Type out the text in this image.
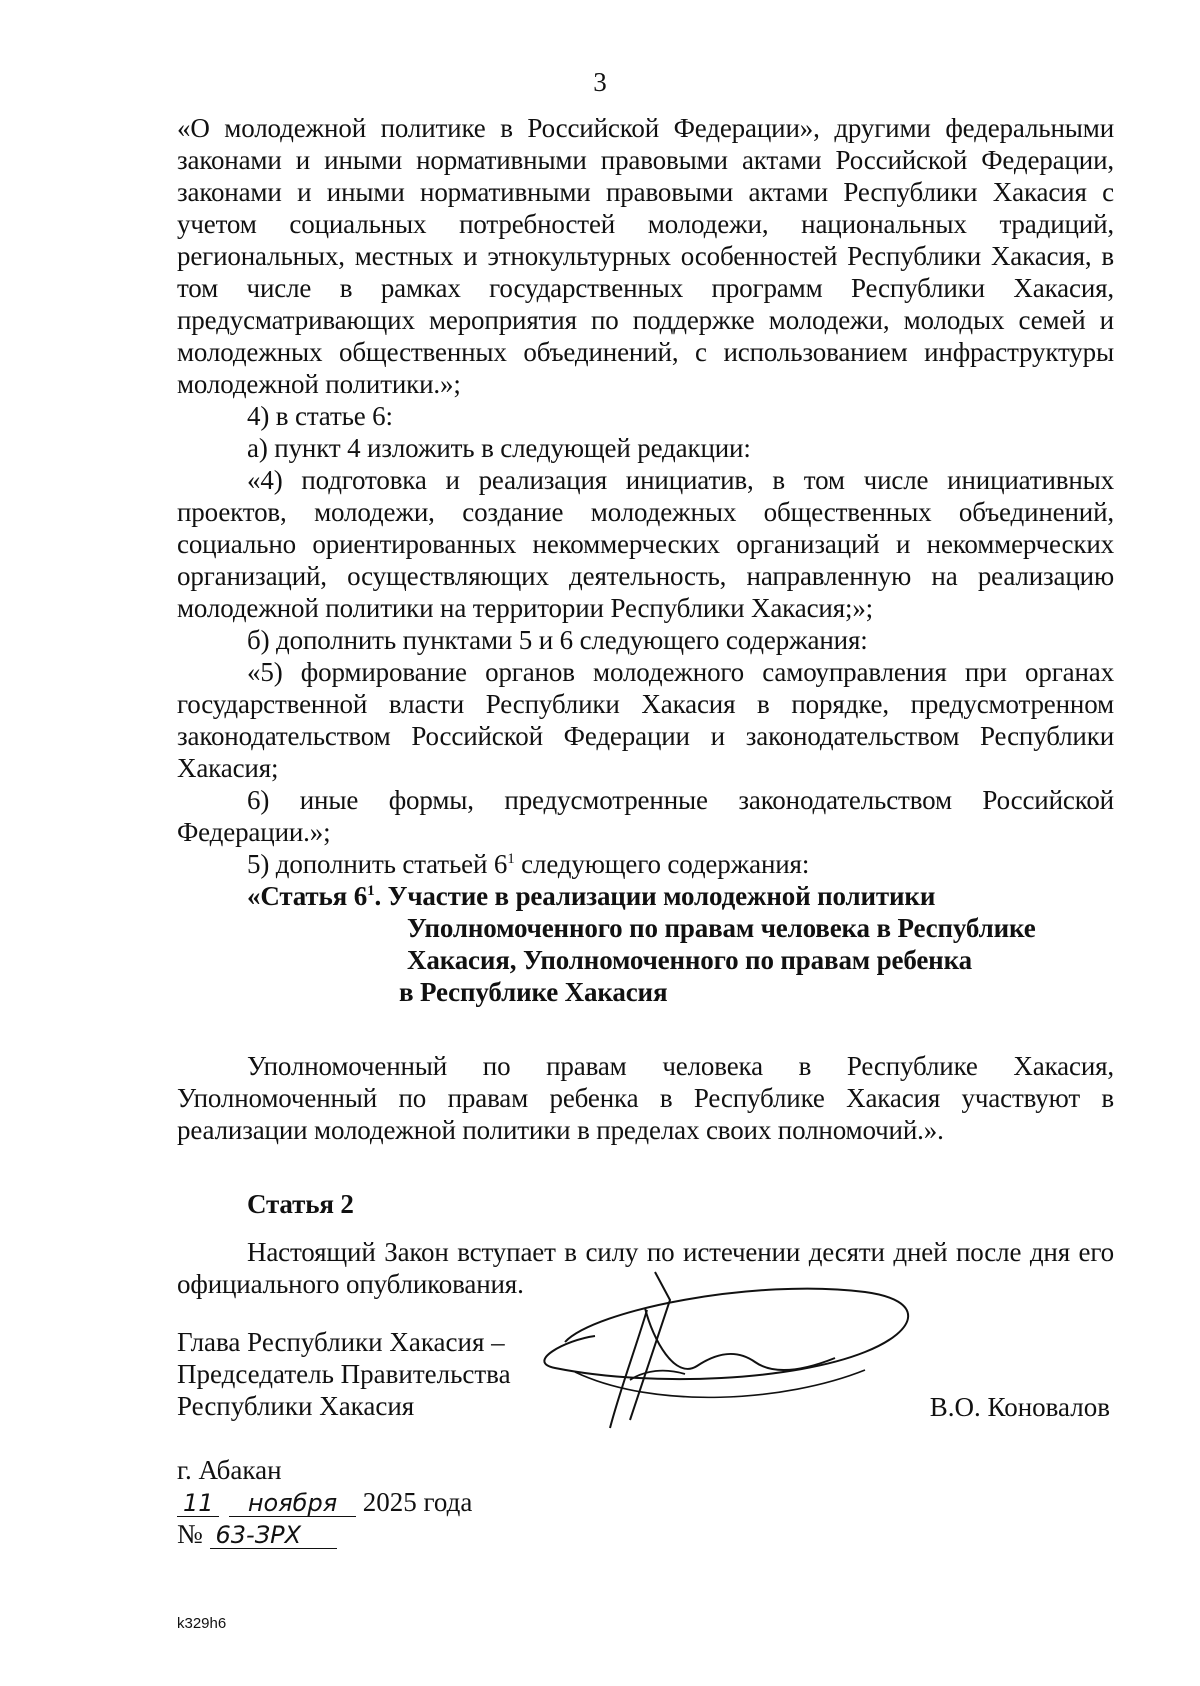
3

«О молодежной политике в Российской Федерации», другими федеральными законами и иными нормативными правовыми актами Российской Федерации, законами и иными нормативными правовыми актами Республики Хакасия с учетом социальных потребностей молодежи, национальных традиций, региональных, местных и этнокультурных особенностей Республики Хакасия, в том числе в рамках государственных программ Республики Хакасия, предусматривающих мероприятия по поддержке молодежи, молодых семей и молодежных общественных объединений, с использованием инфраструктуры молодежной политики.»;

4) в статье 6:

а) пункт 4 изложить в следующей редакции:

«4) подготовка и реализация инициатив, в том числе инициативных проектов, молодежи, создание молодежных общественных объединений, социально ориентированных некоммерческих организаций и некоммерческих организаций, осуществляющих деятельность, направленную на реализацию молодежной политики на территории Республики Хакасия;»;

б) дополнить пунктами 5 и 6 следующего содержания:

«5) формирование органов молодежного самоуправления при органах государственной власти Республики Хакасия в порядке, предусмотренном законодательством Российской Федерации и законодательством Республики Хакасия;

6) иные формы, предусмотренные законодательством Российской Федерации.»;

5) дополнить статьей $6^1$ следующего содержания:

«Статья $6^1$. Участие в реализации молодежной политики
Уполномоченного по правам человека в Республике
Хакасия, Уполномоченного по правам ребенка
в Республике Хакасия

Уполномоченный по правам человека в Республике Хакасия, Уполномоченный по правам ребенка в Республике Хакасия участвуют в реализации молодежной политики в пределах своих полномочий.».

Статья 2

Настоящий Закон вступает в силу по истечении десяти дней после дня его официального опубликования.

Глава Республики Хакасия –
Председатель Правительства
Республики Хакасия	В.О. Коновалов
г. Абакан
11 ноября 2025 года
№ 63-ЗРХ
k329h6
